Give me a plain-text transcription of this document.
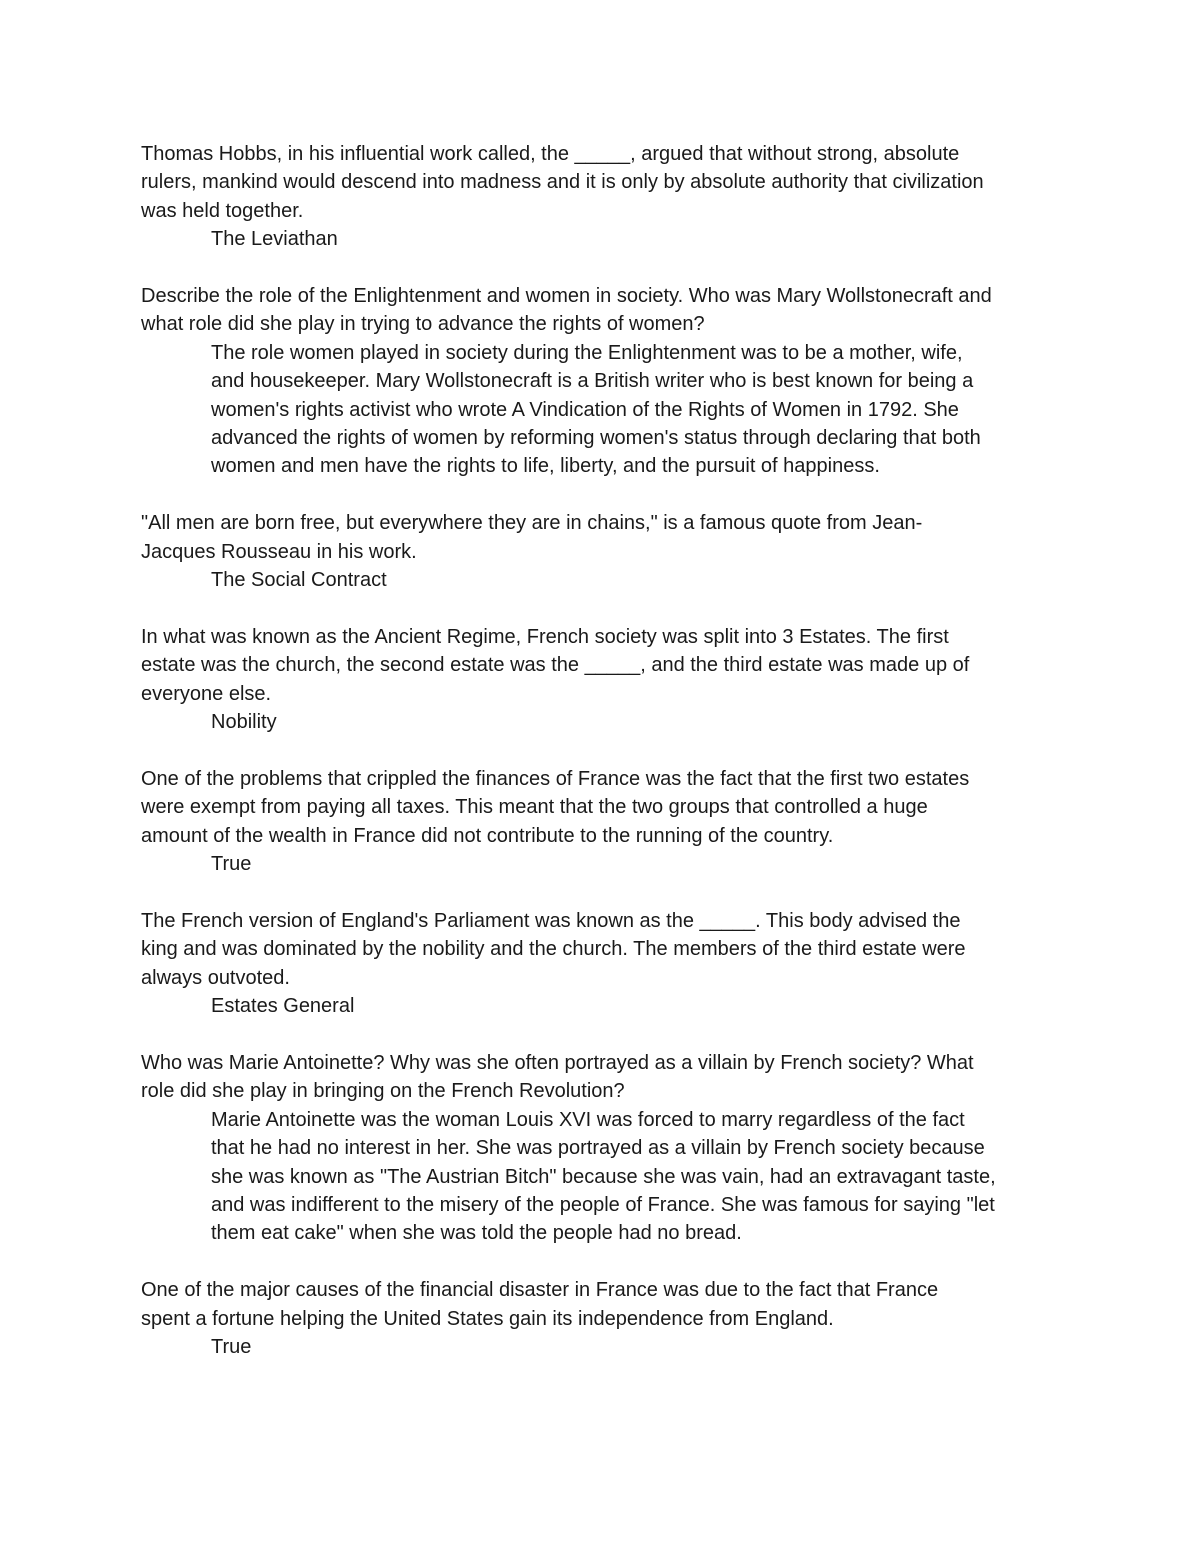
Thomas Hobbs, in his influential work called, the _____, argued that without strong, absolute
rulers, mankind would descend into madness and it is only by absolute authority that civilization
was held together.

The Leviathan

Describe the role of the Enlightenment and women in society. Who was Mary Wollstonecraft and
what role did she play in trying to advance the rights of women?

The role women played in society during the Enlightenment was to be a mother, wife,
and housekeeper. Mary Wollstonecraft is a British writer who is best known for being a
women's rights activist who wrote A Vindication of the Rights of Women in 1792. She
advanced the rights of women by reforming women's status through declaring that both
women and men have the rights to life, liberty, and the pursuit of happiness.

"All men are born free, but everywhere they are in chains," is a famous quote from Jean-
Jacques Rousseau in his work.

The Social Contract

In what was known as the Ancient Regime, French society was split into 3 Estates. The first
estate was the church, the second estate was the _____, and the third estate was made up of
everyone else.

Nobility

One of the problems that crippled the finances of France was the fact that the first two estates
were exempt from paying all taxes. This meant that the two groups that controlled a huge
amount of the wealth in France did not contribute to the running of the country.

True

The French version of England's Parliament was known as the _____. This body advised the
king and was dominated by the nobility and the church. The members of the third estate were
always outvoted.

Estates General

Who was Marie Antoinette? Why was she often portrayed as a villain by French society? What
role did she play in bringing on the French Revolution?

Marie Antoinette was the woman Louis XVI was forced to marry regardless of the fact
that he had no interest in her. She was portrayed as a villain by French society because
she was known as "The Austrian Bitch" because she was vain, had an extravagant taste,
and was indifferent to the misery of the people of France. She was famous for saying "let
them eat cake" when she was told the people had no bread.

One of the major causes of the financial disaster in France was due to the fact that France
spent a fortune helping the United States gain its independence from England.

True
